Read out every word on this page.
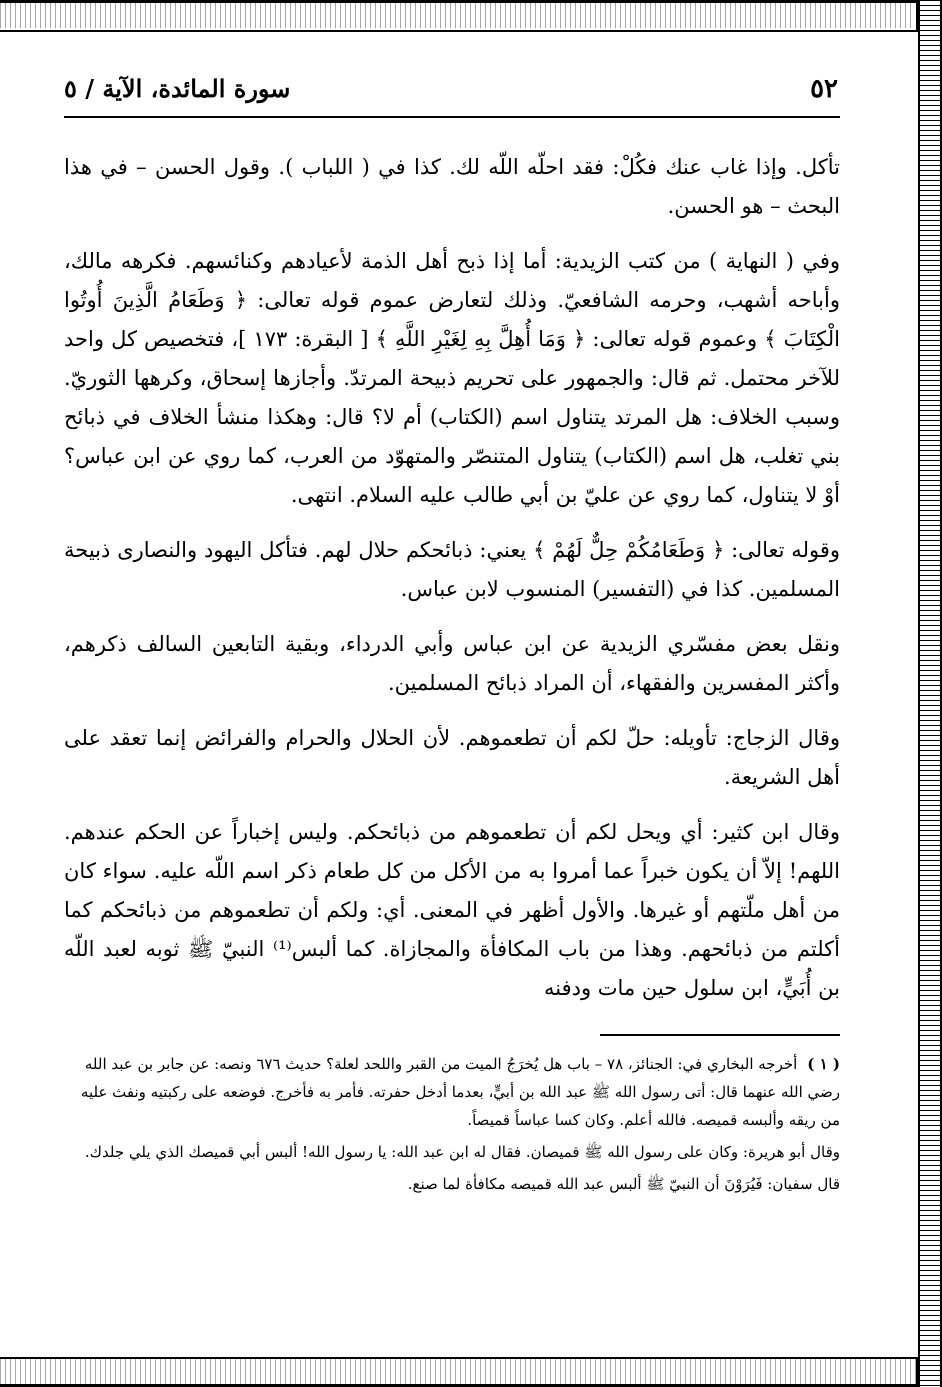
٥٢
سورة المائدة، الآية / ٥

تأكل. وإذا غاب عنك فكُلْ: فقد احلّه اللّه لك. كذا في ( اللباب ). وقول الحسن – في هذا البحث – هو الحسن.

وفي ( النهاية ) من كتب الزيدية: أما إذا ذبح أهل الذمة لأعيادهم وكنائسهم. فكرهه مالك، وأباحه أشهب، وحرمه الشافعيّ. وذلك لتعارض عموم قوله تعالى: ﴿ وَطَعَامُ الَّذِينَ أُوتُوا الْكِتَابَ ﴾ وعموم قوله تعالى: ﴿ وَمَا أُهِلَّ بِهِ لِغَيْرِ اللَّهِ ﴾ [ البقرة: ١٧٣ ]، فتخصيص كل واحد للآخر محتمل. ثم قال: والجمهور على تحريم ذبيحة المرتدّ. وأجازها إسحاق، وكرهها الثوريّ. وسبب الخلاف: هل المرتد يتناول اسم (الكتاب) أم لا؟ قال: وهكذا منشأ الخلاف في ذبائح بني تغلب، هل اسم (الكتاب) يتناول المتنصّر والمتهوّد من العرب، كما روي عن ابن عباس؟ أوْ لا يتناول، كما روي عن عليّ بن أبي طالب عليه السلام. انتهى.

وقوله تعالى: ﴿ وَطَعَامُكُمْ حِلٌّ لَهُمْ ﴾ يعني: ذبائحكم حلال لهم. فتأكل اليهود والنصارى ذبيحة المسلمين. كذا في (التفسير) المنسوب لابن عباس.

ونقل بعض مفسّري الزيدية عن ابن عباس وأبي الدرداء، وبقية التابعين السالف ذكرهم، وأكثر المفسرين والفقهاء، أن المراد ذبائح المسلمين.

وقال الزجاج: تأويله: حلّ لكم أن تطعموهم. لأن الحلال والحرام والفرائض إنما تعقد على أهل الشريعة.

وقال ابن كثير: أي ويحل لكم أن تطعموهم من ذبائحكم. وليس إخباراً عن الحكم عندهم. اللهم! إلاّ أن يكون خبراً عما أمروا به من الأكل من كل طعام ذكر اسم اللّه عليه. سواء كان من أهل ملّتهم أو غيرها. والأول أظهر في المعنى. أي: ولكم أن تطعموهم من ذبائحكم كما أكلتم من ذبائحهم. وهذا من باب المكافأة والمجازاة. كما ألبس⁽¹⁾ النبيّ ﷺ ثوبه لعبد اللّه بن أُبَيٍّ، ابن سلول حين مات ودفنه

( ١ )أخرجه البخاري في: الجنائز، ٧٨ – باب هل يُخرَجُ الميت من القبر واللحد لعلة؟ حديث ٦٧٦ ونصه: عن جابر بن عبد الله رضي الله عنهما قال: أتى رسول الله ﷺ عبد الله بن أبيٍّ، بعدما أدخل حفرته. فأمر به فأخرج. فوضعه على ركبتيه ونفث عليه من ريقه وألبسه قميصه. فالله أعلم. وكان كسا عباساً قميصاً.

وقال أبو هريرة: وكان على رسول الله ﷺ قميصان. فقال له ابن عبد الله: يا رسول الله! ألبس أبي قميصك الذي يلي جلدك.

قال سفيان: فَيُرَوْنَ أن النبيّ ﷺ ألبس عبد الله قميصه مكافأة لما صنع.
